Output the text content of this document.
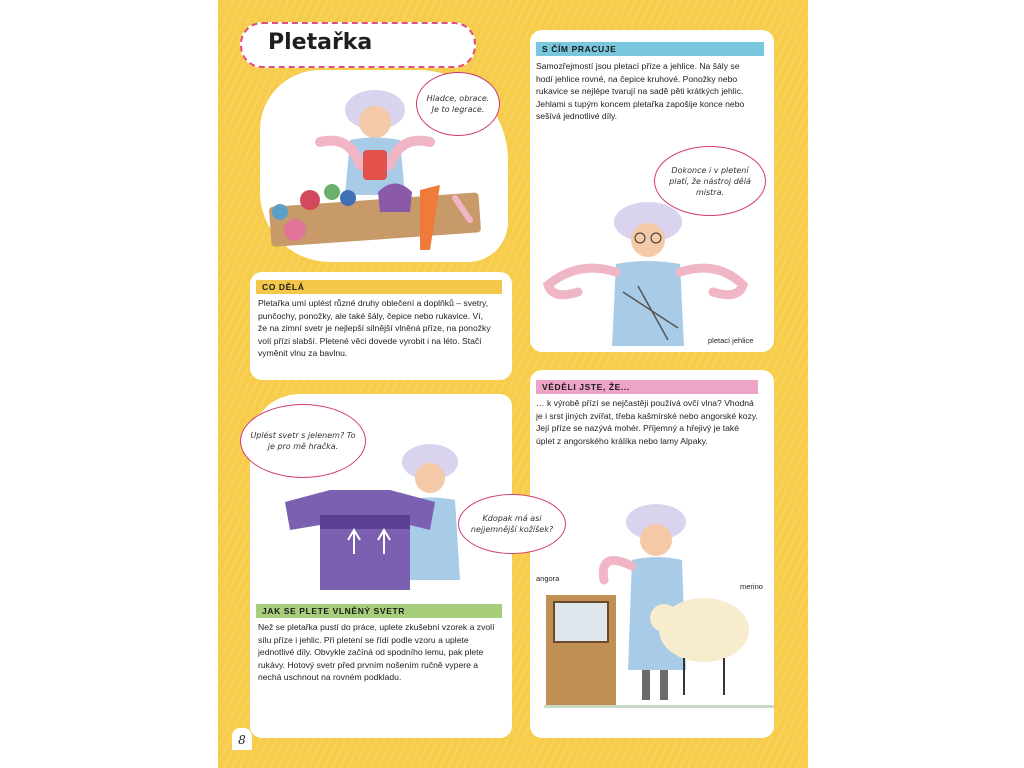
S ČÍM PRACUJE
Samozřejmostí jsou pletací příze a jehlice. Na šály se hodí jehlice rovné, na čepice kruhové. Ponožky nebo rukavice se nejlépe tvarují na sadě pěti krátkých jehlic. Jehlami s tupým koncem pletařka zapošije konce nebo sešívá jednotlivé díly.
CO DĚLÁ
Pletařka umí uplést různé druhy oblečení a doplňků – svetry, punčochy, ponožky, ale také šály, čepice nebo rukavice. Ví, že na zimní svetr je nejlepší silnější vlněná příze, na ponožky volí přízi slabší. Pletené věci dovede vyrobit i na léto. Stačí vyměnit vlnu za bavlnu.
VĚDĚLI JSTE, ŽE...
… k výrobě přízí se nejčastěji používá ovčí vlna? Vhodná je i srst jiných zvířat, třeba kašmírské nebo angorské kozy. Její příze se nazývá mohér. Příjemný a hřejivý je také úplet z angorského králíka nebo lamy Alpaky.
JAK SE PLETE VLNĚNÝ SVETR
Než se pletařka pustí do práce, uplete zkušební vzorek a zvolí sílu příze i jehlic. Při pletení se řídí podle vzoru a uplete jednotlivé díly. Obvykle začíná od spodního lemu, pak plete rukávy. Hotový svetr před prvním nošením ručně vypere a nechá uschnout na rovném podkladu.
Hladce, obrace. Je to legrace.
Dokonce i v pletení platí, že nástroj dělá mistra.
Uplést svetr s jelenem? To je pro mě hračka.
Kdopak má asi nejjemnější kožíšek?
pletací jehlice
angora
merino
Pletařka
8
